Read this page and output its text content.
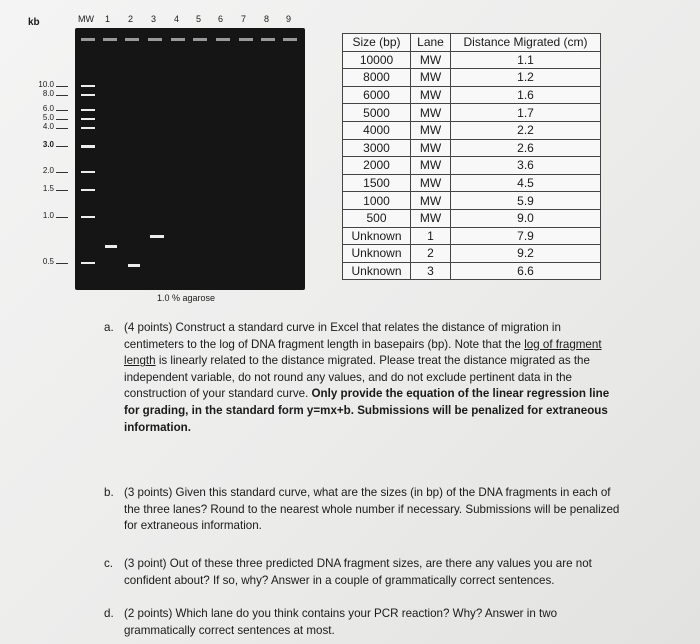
kb	MW 1 2 3 4 5 6 7 8 9
10.0
8.0
6.0
5.0
4.0
3.0
2.0
1.5
1.0
0.5
1.0 % agarose
Size (bp)	Lane	Distance Migrated (cm)
10000	MW	1.1
8000	MW	1.2
6000	MW	1.6
5000	MW	1.7
4000	MW	2.2
3000	MW	2.6
2000	MW	3.6
1500	MW	4.5
1000	MW	5.9
500	MW	9.0
Unknown	1	7.9
Unknown	2	9.2
Unknown	3	6.6
a. (4 points) Construct a standard curve in Excel that relates the distance of migration in centimeters to the log of DNA fragment length in basepairs (bp). Note that the log of fragment length is linearly related to the distance migrated. Please treat the distance migrated as the independent variable, do not round any values, and do not exclude pertinent data in the construction of your standard curve. Only provide the equation of the linear regression line for grading, in the standard form y=mx+b. Submissions will be penalized for extraneous information.
b. (3 points) Given this standard curve, what are the sizes (in bp) of the DNA fragments in each of the three lanes? Round to the nearest whole number if necessary. Submissions will be penalized for extraneous information.
c. (3 point) Out of these three predicted DNA fragment sizes, are there any values you are not confident about? If so, why? Answer in a couple of grammatically correct sentences.
d. (2 points) Which lane do you think contains your PCR reaction? Why? Answer in two grammatically correct sentences at most.
